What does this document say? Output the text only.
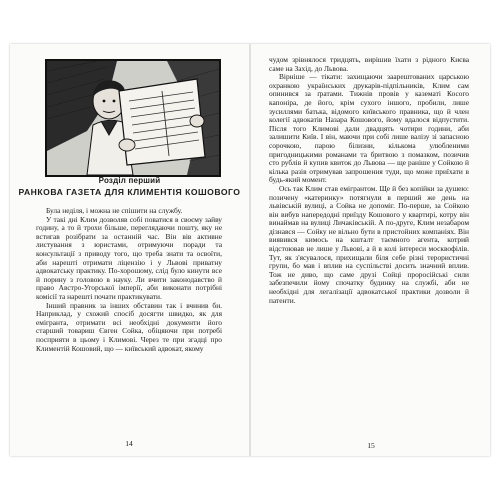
Розділ перший
РАНКОВА ГАЗЕТА ДЛЯ КЛИМЕНТІЯ КОШОВОГО

Була неділя, і можна не спішити на службу.

У такі дні Клим дозволяв собі поватися в своєму зайву годину, а то й трохи більше, переглядаючи пошту, яку не встигав розібрати за останній час. Він вів активне листування з юристами, отримуючи поради та консультації з приводу того, що треба знати та освоїти, аби нарешті отримати ліцензію і у Львові приватну адвокатську практику. По-хорошому, слід було кинути все й порину з головою в науку. Ли вчити законодавство й право Австро-Угорської імперії, аби виконати потрібні комісії та нарешті почати практикувати.

Інший правник за інших обставин так і вчинив би. Наприклад, у схожий спосіб досягти швидко, як для емігранта, отримати всі необхідні документи його старший товариш Євген Сойка, обіцяючи при потребі посприяти в цьому і Климові. Через те при згадці про Климентій Кошовий, що — київський адвокат, якому

14

чудом зрівнялося тридцять, вирішив їхати з рідного Києва саме на Захід, до Львова.

Вірніше — тікати: захищаючи заарештованих царською охранкою українських друкарів-підпільників, Клим сам опинився за ґратами. Тижнів провів у казематі Косого капоніра, де його, крім сухого іншого, пробили, лише зусиллями батька, відомого київського правника, що й член колегії адвокатів Назара Кошового, йому вдалося відпустити. Після того Климові дали двадцять чотири години, аби залишити Київ. І він, маючи при собі лише валізу зі запасною сорочкою, парою білизни, кількома улюбленими пригодницькими романами та бритвою з помазком, позичив сто рублів й купив квиток до Львова — ще раніше у Сойкою й кілька разів отримував запрошення туди, що може приїхати в будь-який момент.

Ось так Клим став емігрантом. Ще й без копійки за душею: позичену «катеринку» потягнули в перший же день на львівській вулиці, а Сойка не допоміг. По-перше, за Сойкою він вибув напередодні приїзду Кошового у квартирі, котру він винаймав на вулиці Личаківській. А по-друге, Клим незабаром дізнався — Сойку не вільно бути в пристойних компаніях. Він виявився кимось на кшталт таємного агента, котрий відстоював не лише у Львові, а й в колі інтереси москвофілів. Тут, як з'ясувалося, прихищали біля себе різні терористичні групи, бо мав і вплив на суспільстві досить значний вплив. Тож не диво, що саме друзі Сойці проросійські сили забезпечили йому спочатку будинку на службі, аби не необхідні для легалізації адвокатської практики дозволи й патенти.

15
